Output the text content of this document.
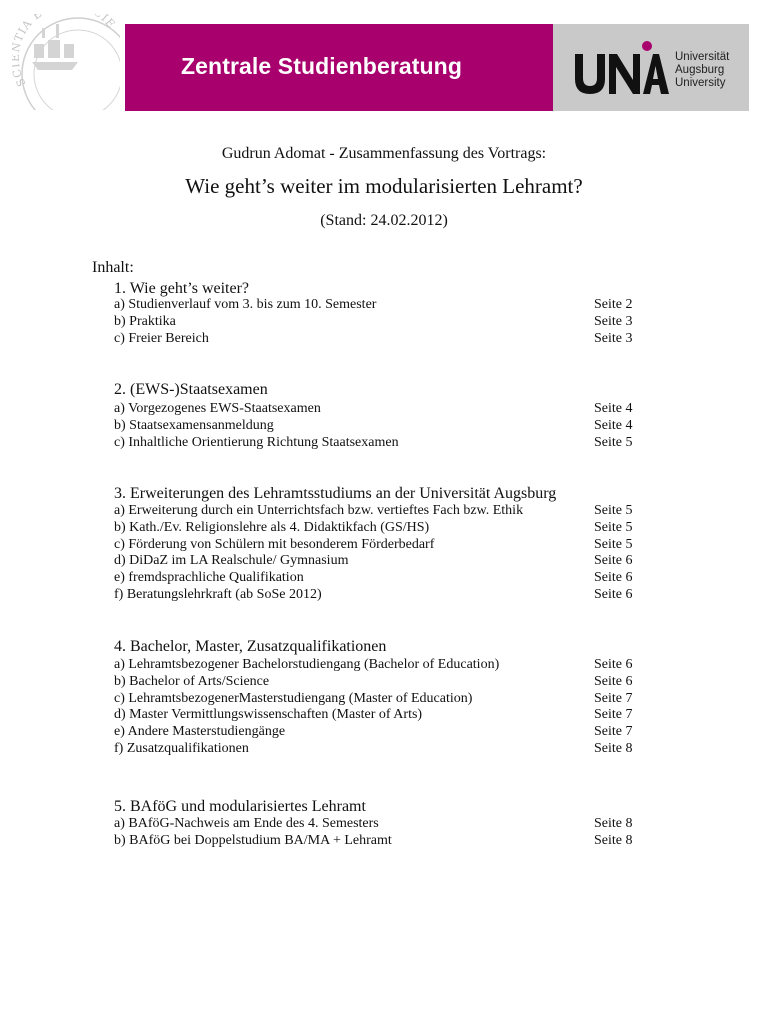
S TIA E IE
Zentrale Studienberatung	Universität
Augsburg
University
Gudrun Adomat - Zusammenfassung des Vortrags:
Wie geht’s weiter im modularisierten Lehramt?
(Stand: 24.02.2012)
Inhalt:
1. Wie geht’s weiter?
a) Studienverlauf vom 3. bis zum 10. Semester	Seite 2
b) Praktika	Seite 3
c) Freier Bereich	Seite 3
2. (EWS-)Staatsexamen
a) Vorgezogenes EWS-Staatsexamen	Seite 4
b) Staatsexamensanmeldung	Seite 4
c) Inhaltliche Orientierung Richtung Staatsexamen	Seite 5
3. Erweiterungen des Lehramtsstudiums an der Universität Augsburg
a) Erweiterung durch ein Unterrichtsfach bzw. vertieftes Fach bzw. Ethik	Seite 5
b) Kath./Ev. Religionslehre als 4. Didaktikfach (GS/HS)	Seite 5
c) Förderung von Schülern mit besonderem Förderbedarf	Seite 5
d) DiDaZ im LA Realschule/ Gymnasium	Seite 6
e) fremdsprachliche Qualifikation	Seite 6
f) Beratungslehrkraft (ab SoSe 2012)	Seite 6
4. Bachelor, Master, Zusatzqualifikationen
a) Lehramtsbezogener Bachelorstudiengang (Bachelor of Education)	Seite 6
b) Bachelor of Arts/Science	Seite 6
c) LehramtsbezogenerMasterstudiengang (Master of Education)	Seite 7
d) Master Vermittlungswissenschaften (Master of Arts)	Seite 7
e) Andere Masterstudiengänge	Seite 7
f) Zusatzqualifikationen	Seite 8
5. BAföG und modularisiertes Lehramt
a) BAföG-Nachweis am Ende des 4. Semesters	Seite 8
b) BAföG bei Doppelstudium BA/MA + Lehramt	Seite 8
